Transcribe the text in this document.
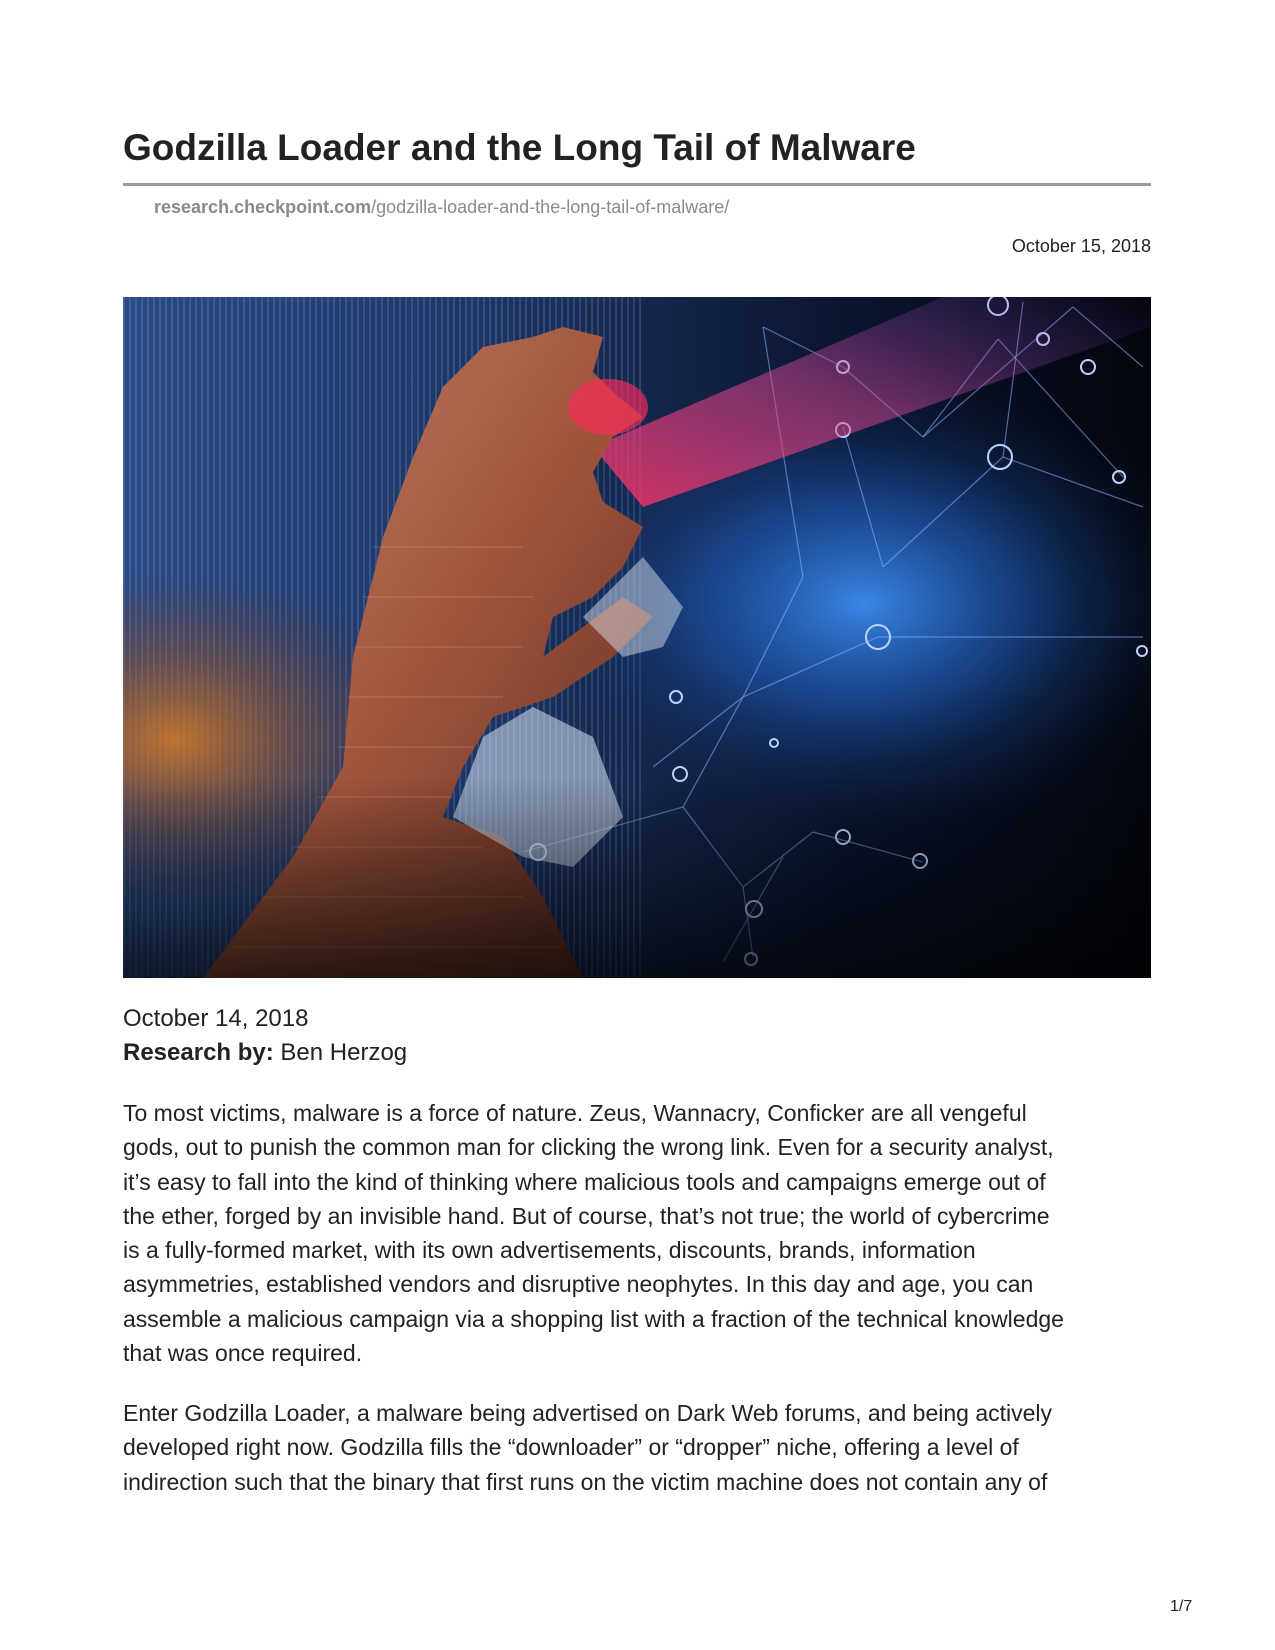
Godzilla Loader and the Long Tail of Malware
research.checkpoint.com/godzilla-loader-and-the-long-tail-of-malware/
October 15, 2018
October 14, 2018
Research by: Ben Herzog
To most victims, malware is a force of nature. Zeus, Wannacry, Conficker are all vengeful
gods, out to punish the common man for clicking the wrong link. Even for a security analyst,
it’s easy to fall into the kind of thinking where malicious tools and campaigns emerge out of
the ether, forged by an invisible hand. But of course, that’s not true; the world of cybercrime
is a fully-formed market, with its own advertisements, discounts, brands, information
asymmetries, established vendors and disruptive neophytes. In this day and age, you can
assemble a malicious campaign via a shopping list with a fraction of the technical knowledge
that was once required.
Enter Godzilla Loader, a malware being advertised on Dark Web forums, and being actively
developed right now. Godzilla fills the “downloader” or “dropper” niche, offering a level of
indirection such that the binary that first runs on the victim machine does not contain any of
1/7
